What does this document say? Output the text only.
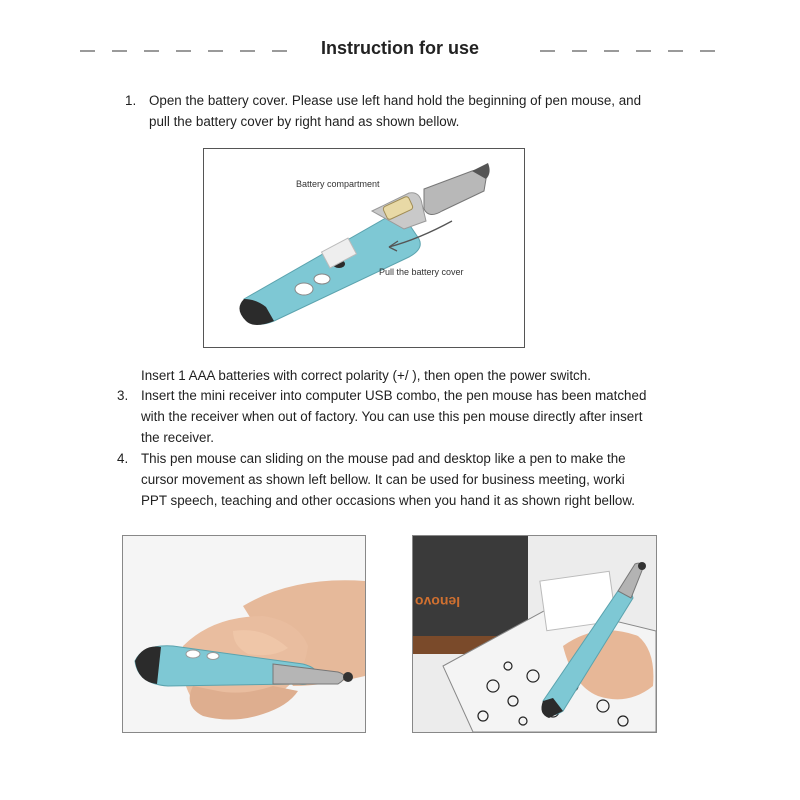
Instruction for use
1. Open the battery cover. Please use left hand hold the beginning of pen mouse, and
pull the battery cover by right hand as shown bellow.
Battery compartment
Pull the battery cover
Insert 1 AAA batteries with correct polarity (+/ ), then open the power switch.
3. Insert the mini receiver into computer USB combo, the pen mouse has been matched
with the receiver when out of factory. You can use this pen mouse directly after insert
the receiver.
4. This pen mouse can sliding on the mouse pad and desktop like a pen to make the
cursor movement as shown left bellow. It can be used for business meeting, worki
PPT speech, teaching and other occasions when you hand it as shown right bellow.
lenovo
